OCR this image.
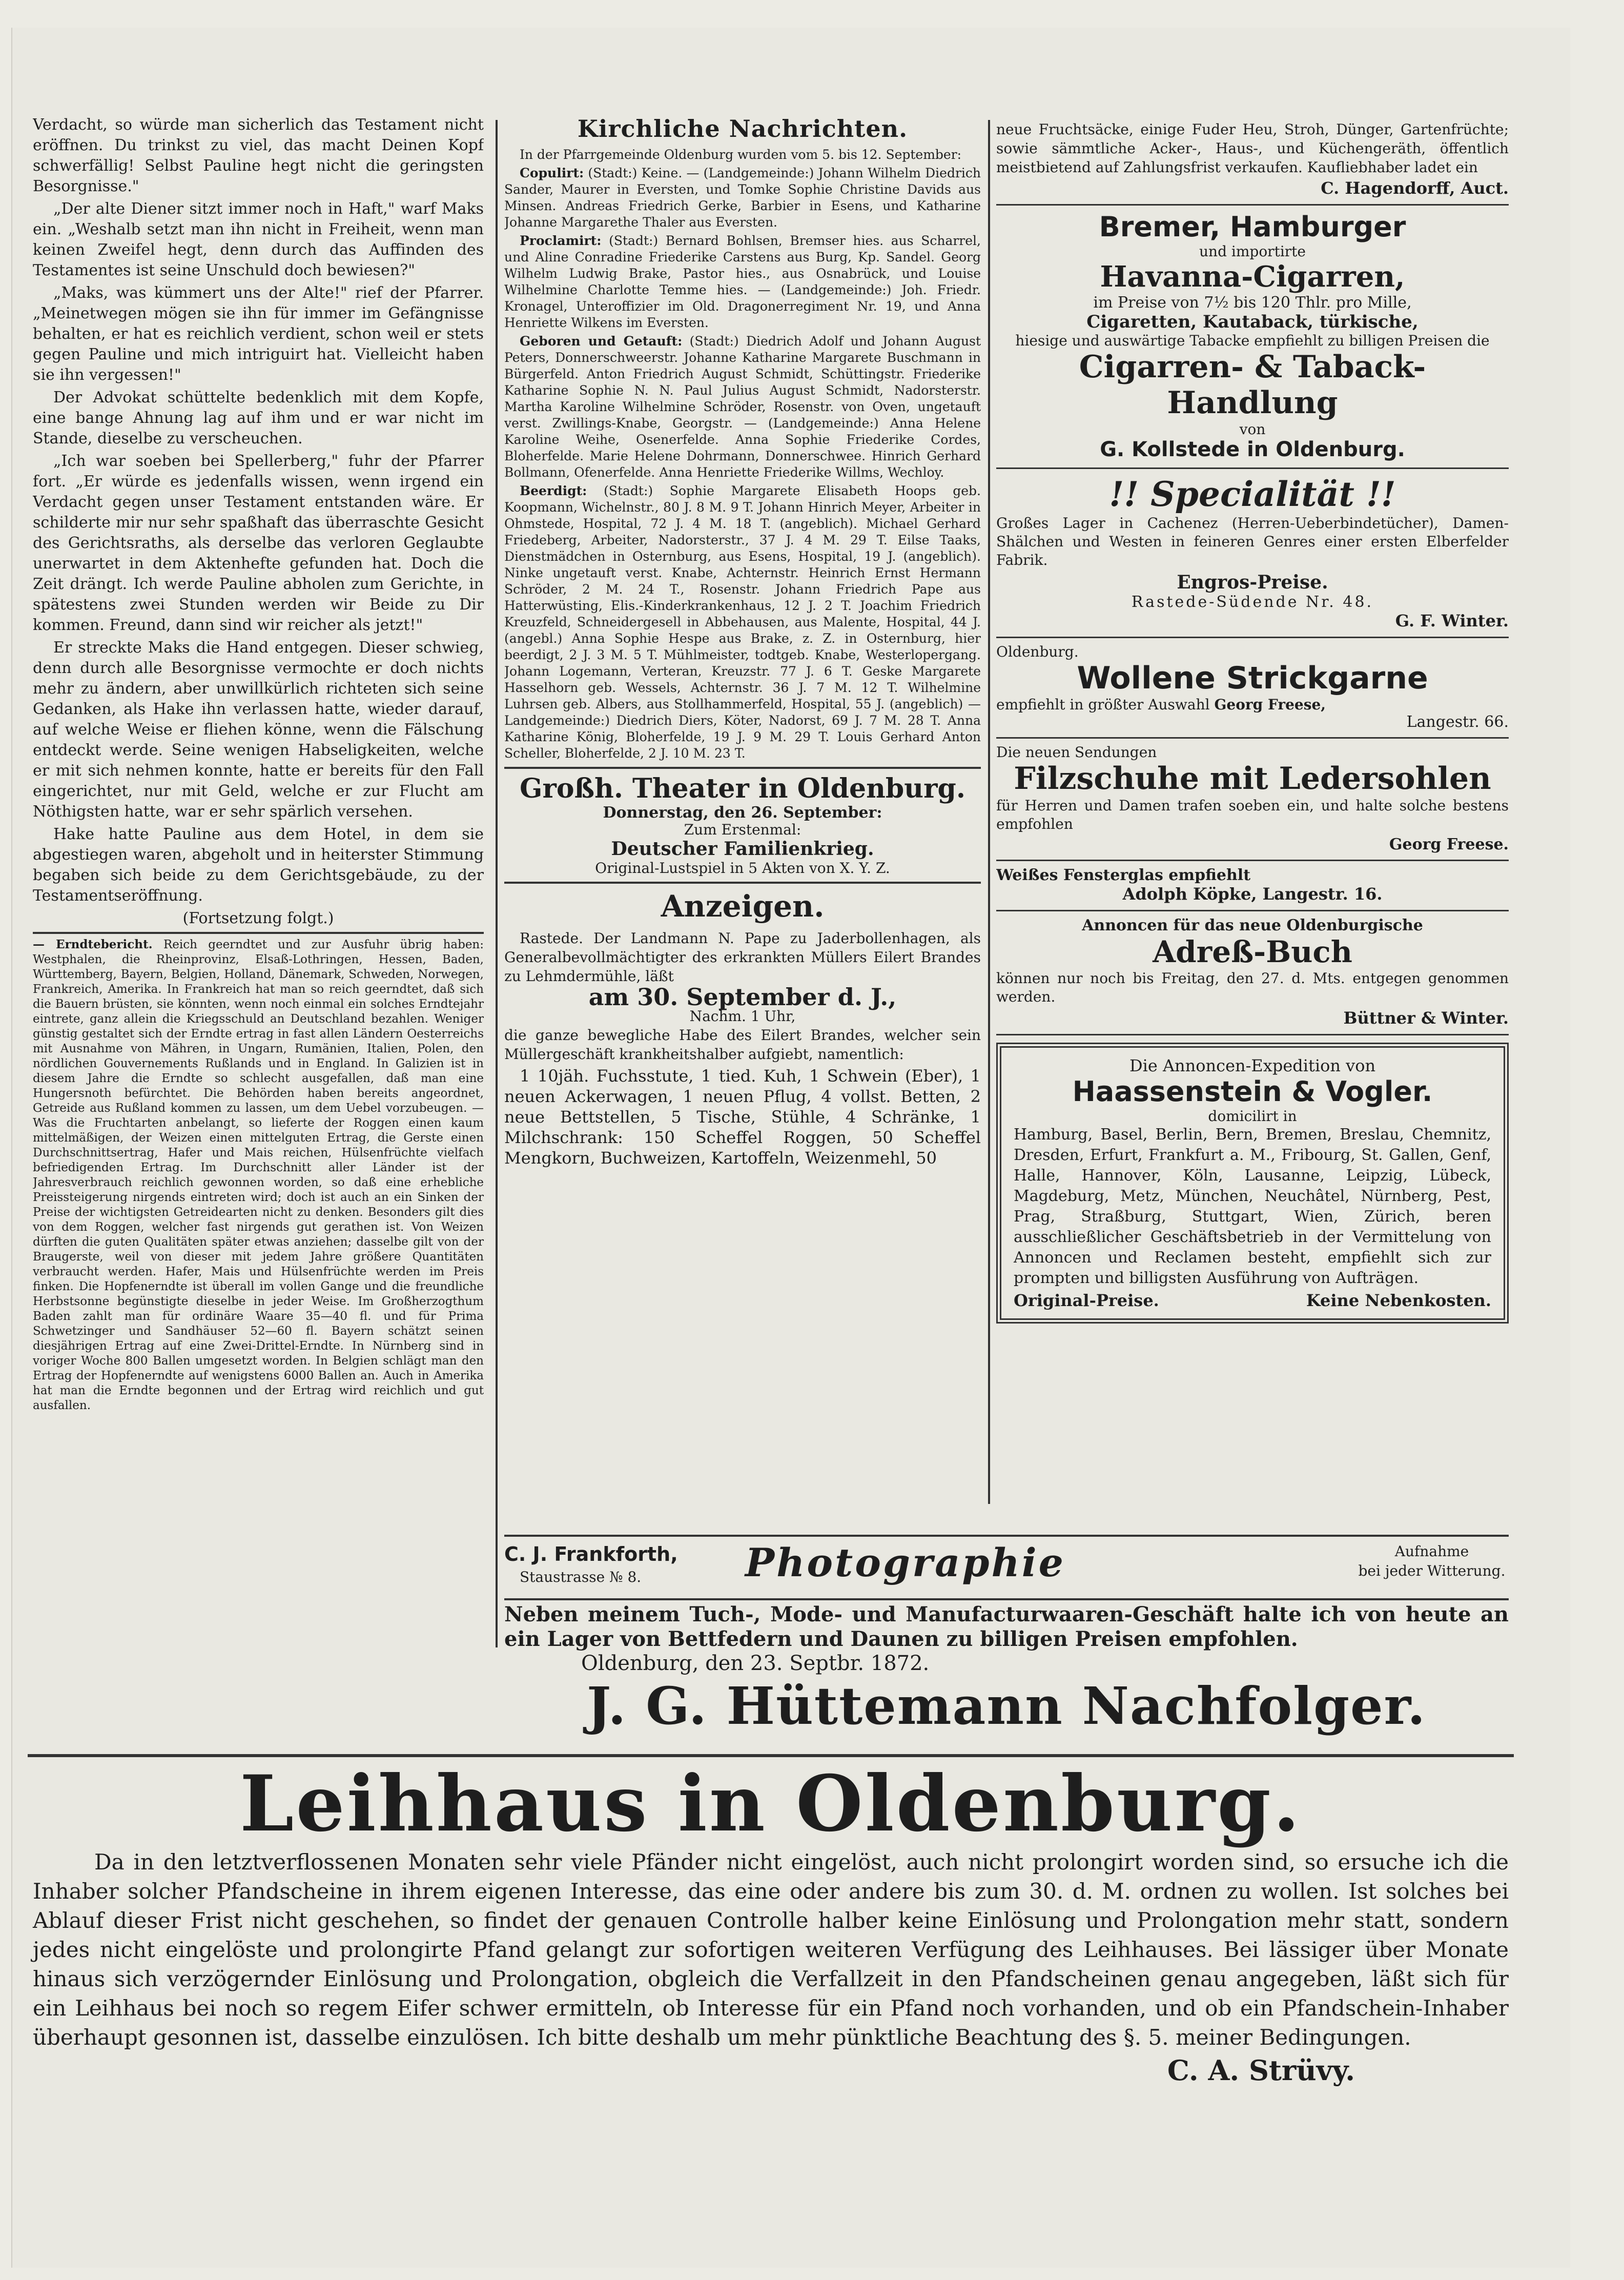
Verdacht, so würde man sicherlich das Testament nicht eröffnen. Du trinkst zu viel, das macht Deinen Kopf schwerfällig! Selbst Pauline hegt nicht die geringsten Besorgnisse."

„Der alte Diener sitzt immer noch in Haft," warf Maks ein. „Weshalb setzt man ihn nicht in Freiheit, wenn man keinen Zweifel hegt, denn durch das Auffinden des Testamentes ist seine Unschuld doch bewiesen?"

„Maks, was kümmert uns der Alte!" rief der Pfarrer. „Meinetwegen mögen sie ihn für immer im Gefängnisse behalten, er hat es reichlich verdient, schon weil er stets gegen Pauline und mich intriguirt hat. Vielleicht haben sie ihn vergessen!"

Der Advokat schüttelte bedenklich mit dem Kopfe, eine bange Ahnung lag auf ihm und er war nicht im Stande, dieselbe zu verscheuchen.

„Ich war soeben bei Spellerberg," fuhr der Pfarrer fort. „Er würde es jedenfalls wissen, wenn irgend ein Verdacht gegen unser Testament entstanden wäre. Er schilderte mir nur sehr spaßhaft das überraschte Gesicht des Gerichtsraths, als derselbe das verloren Geglaubte unerwartet in dem Aktenhefte gefunden hat. Doch die Zeit drängt. Ich werde Pauline abholen zum Gerichte, in spätestens zwei Stunden werden wir Beide zu Dir kommen. Freund, dann sind wir reicher als jetzt!"

Er streckte Maks die Hand entgegen. Dieser schwieg, denn durch alle Besorgnisse vermochte er doch nichts mehr zu ändern, aber unwillkürlich richteten sich seine Gedanken, als Hake ihn verlassen hatte, wieder darauf, auf welche Weise er fliehen könne, wenn die Fälschung entdeckt werde. Seine wenigen Habseligkeiten, welche er mit sich nehmen konnte, hatte er bereits für den Fall eingerichtet, nur mit Geld, welche er zur Flucht am Nöthigsten hatte, war er sehr spärlich versehen.

Hake hatte Pauline aus dem Hotel, in dem sie abgestiegen waren, abgeholt und in heiterster Stimmung begaben sich beide zu dem Gerichtsgebäude, zu der Testamentseröffnung.

(Fortsetzung folgt.)

— Erndtebericht. Reich geerndtet und zur Ausfuhr übrig haben: Westphalen, die Rheinprovinz, Elsaß-Lothringen, Hessen, Baden, Württemberg, Bayern, Belgien, Holland, Dänemark, Schweden, Norwegen, Frankreich, Amerika. In Frankreich hat man so reich geerndtet, daß sich die Bauern brüsten, sie könnten, wenn noch einmal ein solches Erndtejahr eintrete, ganz allein die Kriegsschuld an Deutschland bezahlen. Weniger günstig gestaltet sich der Erndte ertrag in fast allen Ländern Oesterreichs mit Ausnahme von Mähren, in Ungarn, Rumänien, Italien, Polen, den nördlichen Gouvernements Rußlands und in England. In Galizien ist in diesem Jahre die Erndte so schlecht ausgefallen, daß man eine Hungersnoth befürchtet. Die Behörden haben bereits angeordnet, Getreide aus Rußland kommen zu lassen, um dem Uebel vorzubeugen. — Was die Fruchtarten anbelangt, so lieferte der Roggen einen kaum mittelmäßigen, der Weizen einen mittelguten Ertrag, die Gerste einen Durchschnittsertrag, Hafer und Mais reichen, Hülsenfrüchte vielfach befriedigenden Ertrag. Im Durchschnitt aller Länder ist der Jahresverbrauch reichlich gewonnen worden, so daß eine erhebliche Preissteigerung nirgends eintreten wird; doch ist auch an ein Sinken der Preise der wichtigsten Getreidearten nicht zu denken. Besonders gilt dies von dem Roggen, welcher fast nirgends gut gerathen ist. Von Weizen dürften die guten Qualitäten später etwas anziehen; dasselbe gilt von der Braugerste, weil von dieser mit jedem Jahre größere Quantitäten verbraucht werden. Hafer, Mais und Hülsenfrüchte werden im Preis finken. Die Hopfenerndte ist überall im vollen Gange und die freundliche Herbstsonne begünstigte dieselbe in jeder Weise. Im Großherzogthum Baden zahlt man für ordinäre Waare 35—40 fl. und für Prima Schwetzinger und Sandhäuser 52—60 fl. Bayern schätzt seinen diesjährigen Ertrag auf eine Zwei-Drittel-Erndte. In Nürnberg sind in voriger Woche 800 Ballen umgesetzt worden. In Belgien schlägt man den Ertrag der Hopfenerndte auf wenigstens 6000 Ballen an. Auch in Amerika hat man die Erndte begonnen und der Ertrag wird reichlich und gut ausfallen.

Kirchliche Nachrichten.

In der Pfarrgemeinde Oldenburg wurden vom 5. bis 12. September:

Copulirt: (Stadt:) Keine. — (Landgemeinde:) Johann Wilhelm Diedrich Sander, Maurer in Eversten, und Tomke Sophie Christine Davids aus Minsen. Andreas Friedrich Gerke, Barbier in Esens, und Katharine Johanne Margarethe Thaler aus Eversten.

Proclamirt: (Stadt:) Bernard Bohlsen, Bremser hies. aus Scharrel, und Aline Conradine Friederike Carstens aus Burg, Kp. Sandel. Georg Wilhelm Ludwig Brake, Pastor hies., aus Osnabrück, und Louise Wilhelmine Charlotte Temme hies. — (Landgemeinde:) Joh. Friedr. Kronagel, Unteroffizier im Old. Dragonerregiment Nr. 19, und Anna Henriette Wilkens im Eversten.

Geboren und Getauft: (Stadt:) Diedrich Adolf und Johann August Peters, Donnerschweerstr. Johanne Katharine Margarete Buschmann in Bürgerfeld. Anton Friedrich August Schmidt, Schüttingstr. Friederike Katharine Sophie N. N. Paul Julius August Schmidt, Nadorsterstr. Martha Karoline Wilhelmine Schröder, Rosenstr. von Oven, ungetauft verst. Zwillings-Knabe, Georgstr. — (Landgemeinde:) Anna Helene Karoline Weihe, Osenerfelde. Anna Sophie Friederike Cordes, Bloherfelde. Marie Helene Dohrmann, Donnerschwee. Hinrich Gerhard Bollmann, Ofenerfelde. Anna Henriette Friederike Willms, Wechloy.

Beerdigt: (Stadt:) Sophie Margarete Elisabeth Hoops geb. Koopmann, Wichelnstr., 80 J. 8 M. 9 T. Johann Hinrich Meyer, Arbeiter in Ohmstede, Hospital, 72 J. 4 M. 18 T. (angeblich). Michael Gerhard Friedeberg, Arbeiter, Nadorsterstr., 37 J. 4 M. 29 T. Eilse Taaks, Dienstmädchen in Osternburg, aus Esens, Hospital, 19 J. (angeblich). Ninke ungetauft verst. Knabe, Achternstr. Heinrich Ernst Hermann Schröder, 2 M. 24 T., Rosenstr. Johann Friedrich Pape aus Hatterwüsting, Elis.-Kinderkrankenhaus, 12 J. 2 T. Joachim Friedrich Kreuzfeld, Schneidergesell in Abbehausen, aus Malente, Hospital, 44 J. (angebl.) Anna Sophie Hespe aus Brake, z. Z. in Osternburg, hier beerdigt, 2 J. 3 M. 5 T. Mühlmeister, todtgeb. Knabe, Westerlopergang. Johann Logemann, Verteran, Kreuzstr. 77 J. 6 T. Geske Margarete Hasselhorn geb. Wessels, Achternstr. 36 J. 7 M. 12 T. Wilhelmine Luhrsen geb. Albers, aus Stollhammerfeld, Hospital, 55 J. (angeblich) — Landgemeinde:) Diedrich Diers, Köter, Nadorst, 69 J. 7 M. 28 T. Anna Katharine König, Bloherfelde, 19 J. 9 M. 29 T. Louis Gerhard Anton Scheller, Bloherfelde, 2 J. 10 M. 23 T.

Großh. Theater in Oldenburg.
Donnerstag, den 26. September:
Zum Erstenmal:
Deutscher Familienkrieg.
Original-Lustspiel in 5 Akten von X. Y. Z.
Anzeigen.

Rastede. Der Landmann N. Pape zu Jaderbollenhagen, als Generalbevollmächtigter des erkrankten Müllers Eilert Brandes zu Lehmdermühle, läßt

am 30. September d. J.,
Nachm. 1 Uhr,

die ganze bewegliche Habe des Eilert Brandes, welcher sein Müllergeschäft krankheitshalber aufgiebt, namentlich:

1 10jäh. Fuchsstute, 1 tied. Kuh, 1 Schwein (Eber), 1 neuen Ackerwagen, 1 neuen Pflug, 4 vollst. Betten, 2 neue Bettstellen, 5 Tische, Stühle, 4 Schränke, 1 Milchschrank: 150 Scheffel Roggen, 50 Scheffel Mengkorn, Buchweizen, Kartoffeln, Weizenmehl, 50

neue Fruchtsäcke, einige Fuder Heu, Stroh, Dünger, Gartenfrüchte; sowie sämmtliche Acker-, Haus-, und Küchengeräth, öffentlich meistbietend auf Zahlungsfrist verkaufen. Kaufliebhaber ladet ein

C. Hagendorff, Auct.
Bremer, Hamburger
und importirte
Havanna-Cigarren,
im Preise von 7½ bis 120 Thlr. pro Mille,
Cigaretten, Kautaback, türkische,
hiesige und auswärtige Tabacke empfiehlt zu billigen Preisen die
Cigarren- & Taback-Handlung
von
G. Kollstede in Oldenburg.
!! Specialität !!

Großes Lager in Cachenez (Herren-Ueberbindetücher), Damen-Shälchen und Westen in feineren Genres einer ersten Elberfelder Fabrik.

Engros-Preise.
Rastede-Südende Nr. 48.
G. F. Winter.
Oldenburg.
Wollene Strickgarne
empfiehlt in größter Auswahl Georg Freese,
Langestr. 66.
Die neuen Sendungen
Filzschuhe mit Ledersohlen

für Herren und Damen trafen soeben ein, und halte solche bestens empfohlen

Georg Freese.
Weißes Fensterglas empfiehlt
Adolph Köpke, Langestr. 16.
Annoncen für das neue Oldenburgische
Adreß-Buch

können nur noch bis Freitag, den 27. d. Mts. entgegen genommen werden.

Büttner & Winter.
Die Annoncen-Expedition von
Haassenstein & Vogler.
domicilirt in

Hamburg, Basel, Berlin, Bern, Bremen, Breslau, Chemnitz, Dresden, Erfurt, Frankfurt a. M., Fribourg, St. Gallen, Genf, Halle, Hannover, Köln, Lausanne, Leipzig, Lübeck, Magdeburg, Metz, München, Neuchâtel, Nürnberg, Pest, Prag, Straßburg, Stuttgart, Wien, Zürich, beren ausschließlicher Geschäftsbetrieb in der Vermittelung von Annoncen und Reclamen besteht, empfiehlt sich zur prompten und billigsten Ausführung von Aufträgen.

Original-Preise.	Keine Nebenkosten.
C. J. Frankforth,
Staustrasse № 8.	Photographie	Aufnahme
bei jeder Witterung.

Neben meinem Tuch-, Mode- und Manufacturwaaren-Geschäft halte ich von heute an ein Lager von Bettfedern und Daunen zu billigen Preisen empfohlen.

Oldenburg, den 23. Septbr. 1872.
J. G. Hüttemann Nachfolger.
Leihhaus in Oldenburg.

Da in den letztverflossenen Monaten sehr viele Pfänder nicht eingelöst, auch nicht prolongirt worden sind, so ersuche ich die Inhaber solcher Pfandscheine in ihrem eigenen Interesse, das eine oder andere bis zum 30. d. M. ordnen zu wollen. Ist solches bei Ablauf dieser Frist nicht geschehen, so findet der genauen Controlle halber keine Einlösung und Prolongation mehr statt, sondern jedes nicht eingelöste und prolongirte Pfand gelangt zur sofortigen weiteren Verfügung des Leihhauses. Bei lässiger über Monate hinaus sich verzögernder Einlösung und Prolongation, obgleich die Verfallzeit in den Pfandscheinen genau angegeben, läßt sich für ein Leihhaus bei noch so regem Eifer schwer ermitteln, ob Interesse für ein Pfand noch vorhanden, und ob ein Pfandschein-Inhaber überhaupt gesonnen ist, dasselbe einzulösen. Ich bitte deshalb um mehr pünktliche Beachtung des §. 5. meiner Bedingungen.

C. A. Strüvy.
